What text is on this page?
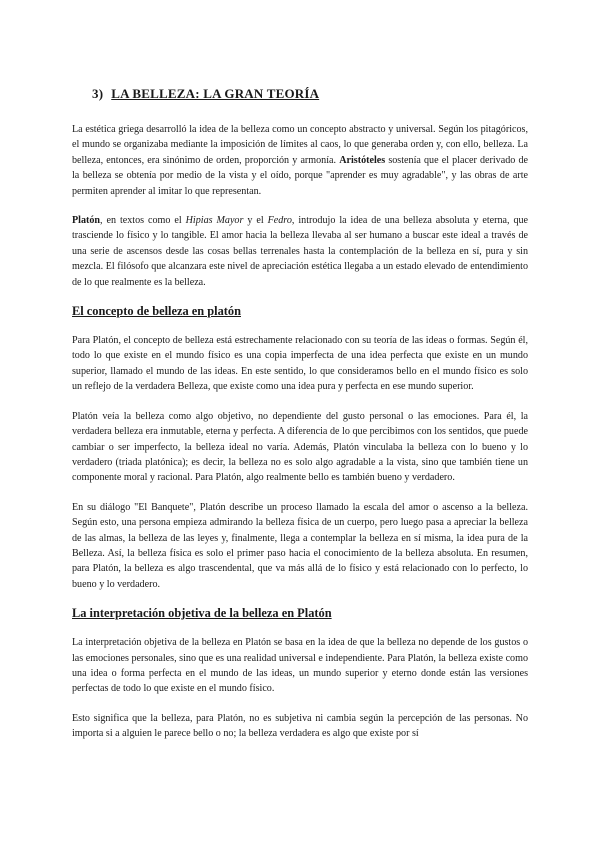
3) LA BELLEZA: LA GRAN TEORÍA

La estética griega desarrolló la idea de la belleza como un concepto abstracto y universal. Según los pitagóricos, el mundo se organizaba mediante la imposición de límites al caos, lo que generaba orden y, con ello, belleza. La belleza, entonces, era sinónimo de orden, proporción y armonía. Aristóteles sostenía que el placer derivado de la belleza se obtenía por medio de la vista y el oído, porque "aprender es muy agradable", y las obras de arte permiten aprender al imitar lo que representan.

Platón, en textos como el Hipias Mayor y el Fedro, introdujo la idea de una belleza absoluta y eterna, que trasciende lo físico y lo tangible. El amor hacia la belleza llevaba al ser humano a buscar este ideal a través de una serie de ascensos desde las cosas bellas terrenales hasta la contemplación de la belleza en sí, pura y sin mezcla. El filósofo que alcanzara este nivel de apreciación estética llegaba a un estado elevado de entendimiento de lo que realmente es la belleza.

El concepto de belleza en platón

Para Platón, el concepto de belleza está estrechamente relacionado con su teoría de las ideas o formas. Según él, todo lo que existe en el mundo físico es una copia imperfecta de una idea perfecta que existe en un mundo superior, llamado el mundo de las ideas. En este sentido, lo que consideramos bello en el mundo físico es solo un reflejo de la verdadera Belleza, que existe como una idea pura y perfecta en ese mundo superior.

Platón veía la belleza como algo objetivo, no dependiente del gusto personal o las emociones. Para él, la verdadera belleza era inmutable, eterna y perfecta. A diferencia de lo que percibimos con los sentidos, que puede cambiar o ser imperfecto, la belleza ideal no varía. Además, Platón vinculaba la belleza con lo bueno y lo verdadero (triada platónica); es decir, la belleza no es solo algo agradable a la vista, sino que también tiene un componente moral y racional. Para Platón, algo realmente bello es también bueno y verdadero.

En su diálogo "El Banquete", Platón describe un proceso llamado la escala del amor o ascenso a la belleza. Según esto, una persona empieza admirando la belleza física de un cuerpo, pero luego pasa a apreciar la belleza de las almas, la belleza de las leyes y, finalmente, llega a contemplar la belleza en sí misma, la idea pura de la Belleza. Así, la belleza física es solo el primer paso hacia el conocimiento de la belleza absoluta. En resumen, para Platón, la belleza es algo trascendental, que va más allá de lo físico y está relacionado con lo perfecto, lo bueno y lo verdadero.

La interpretación objetiva de la belleza en Platón

La interpretación objetiva de la belleza en Platón se basa en la idea de que la belleza no depende de los gustos o las emociones personales, sino que es una realidad universal e independiente. Para Platón, la belleza existe como una idea o forma perfecta en el mundo de las ideas, un mundo superior y eterno donde están las versiones perfectas de todo lo que existe en el mundo físico.

Esto significa que la belleza, para Platón, no es subjetiva ni cambia según la percepción de las personas. No importa si a alguien le parece bello o no; la belleza verdadera es algo que existe por sí
